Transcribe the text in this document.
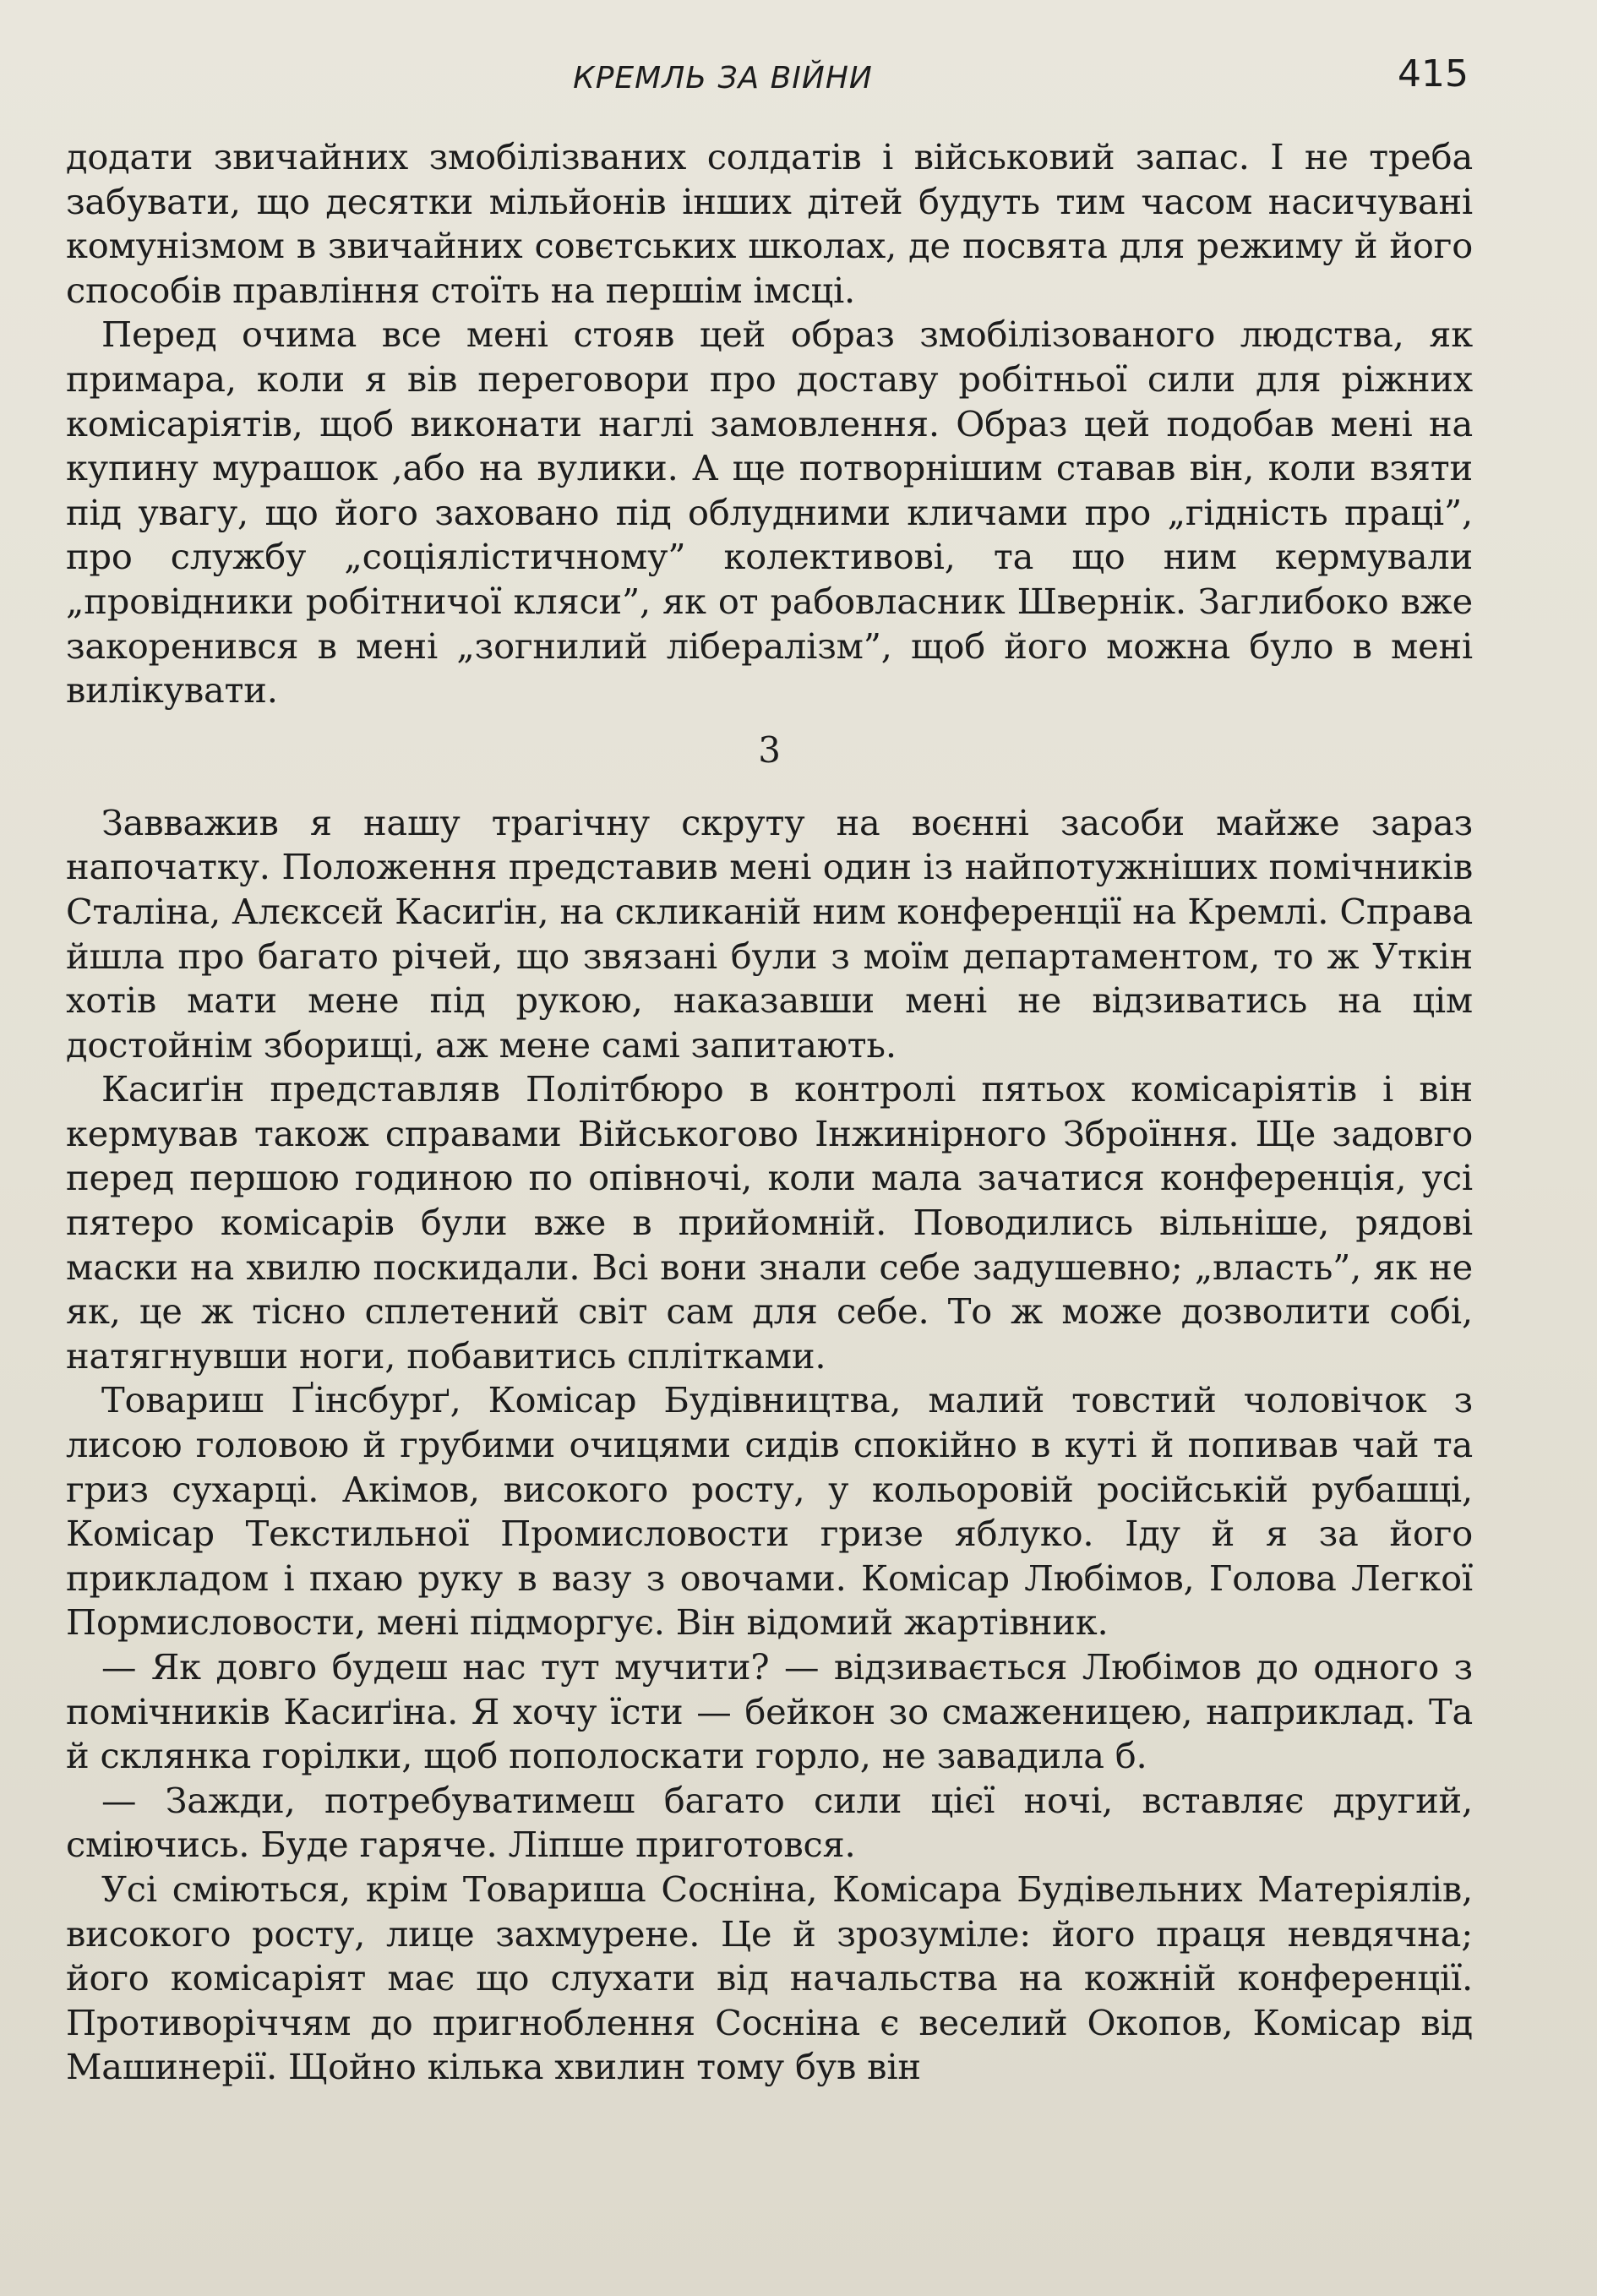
КРЕМЛЬ ЗА ВІЙНИ	415

додати звичайних змобілізваних солдатів і військовий запас. І не треба забувати, що десятки мільйонів інших дітей будуть тим часом насичувані комунізмом в звичайних совєтських школах, де посвята для режиму й його способів правління стоїть на першім імсці.

Перед очима все мені стояв цей образ змобілізованого людства, як примара, коли я вів переговори про доставу робітньої сили для ріжних комісаріятів, щоб виконати наглі замовлення. Образ цей подобав мені на купину мурашок ,або на вулики. А ще потворнішим ставав він, коли взяти під увагу, що його заховано під облудними кличами про „гідність праці”, про службу „соціялістичному” колективові, та що ним кермували „провідники робітничої кляси”, як от рабовласник Швернік. Заглибоко вже закоренився в мені „зогнилий лібералізм”, щоб його можна було в мені вилікувати.

3

Завважив я нашу трагічну скруту на воєнні засоби майже зараз напочатку. Положення представив мені один із найпотужніших помічників Сталіна, Алєксєй Касиґін, на скликаній ним конференції на Кремлі. Справа йшла про багато річей, що звязані були з моїм департаментом, то ж Уткін хотів мати мене під рукою, наказавши мені не відзиватись на цім достойнім зборищі, аж мене самі запитають.

Касиґін представляв Політбюро в контролі пятьох комісаріятів і він кермував також справами Військогово Інжинірного Зброїння. Ще задовго перед першою годиною по опівночі, коли мала зачатися конференція, усі пятеро комісарів були вже в прийомній. Поводились вільніше, рядові маски на хвилю поскидали. Всі вони знали себе задушевно; „власть”, як не як, це ж тісно сплетений світ сам для себе. То ж може дозволити собі, натягнувши ноги, побавитись сплітками.

Товариш Ґінсбурґ, Комісар Будівництва, малий товстий чоловічок з лисою головою й грубими очицями сидів спокійно в куті й попивав чай та гриз сухарці. Акімов, високого росту, у кольоровій російській рубашці, Комісар Текстильної Промисловости гризе яблуко. Іду й я за його прикладом і пхаю руку в вазу з овочами. Комісар Любімов, Голова Легкої Пормисловости, мені підморгує. Він відомий жартівник.

— Як довго будеш нас тут мучити? — відзивається Любімов до одного з помічників Касиґіна. Я хочу їсти — бейкон зо смаженицею, наприклад. Та й склянка горілки, щоб пополоскати горло, не завадила б.

— Зажди, потребуватимеш багато сили цієї ночі, вставляє другий, сміючись. Буде гаряче. Ліпше приготовся.

Усі сміються, крім Товариша Сосніна, Комісара Будівельних Матеріялів, високого росту, лице захмурене. Це й зрозуміле: його праця невдячна; його комісаріят має що слухати від начальства на кожній конференції. Противоріччям до пригноблення Сосніна є веселий Окопов, Комісар від Машинерії. Щойно кілька хвилин тому був він
